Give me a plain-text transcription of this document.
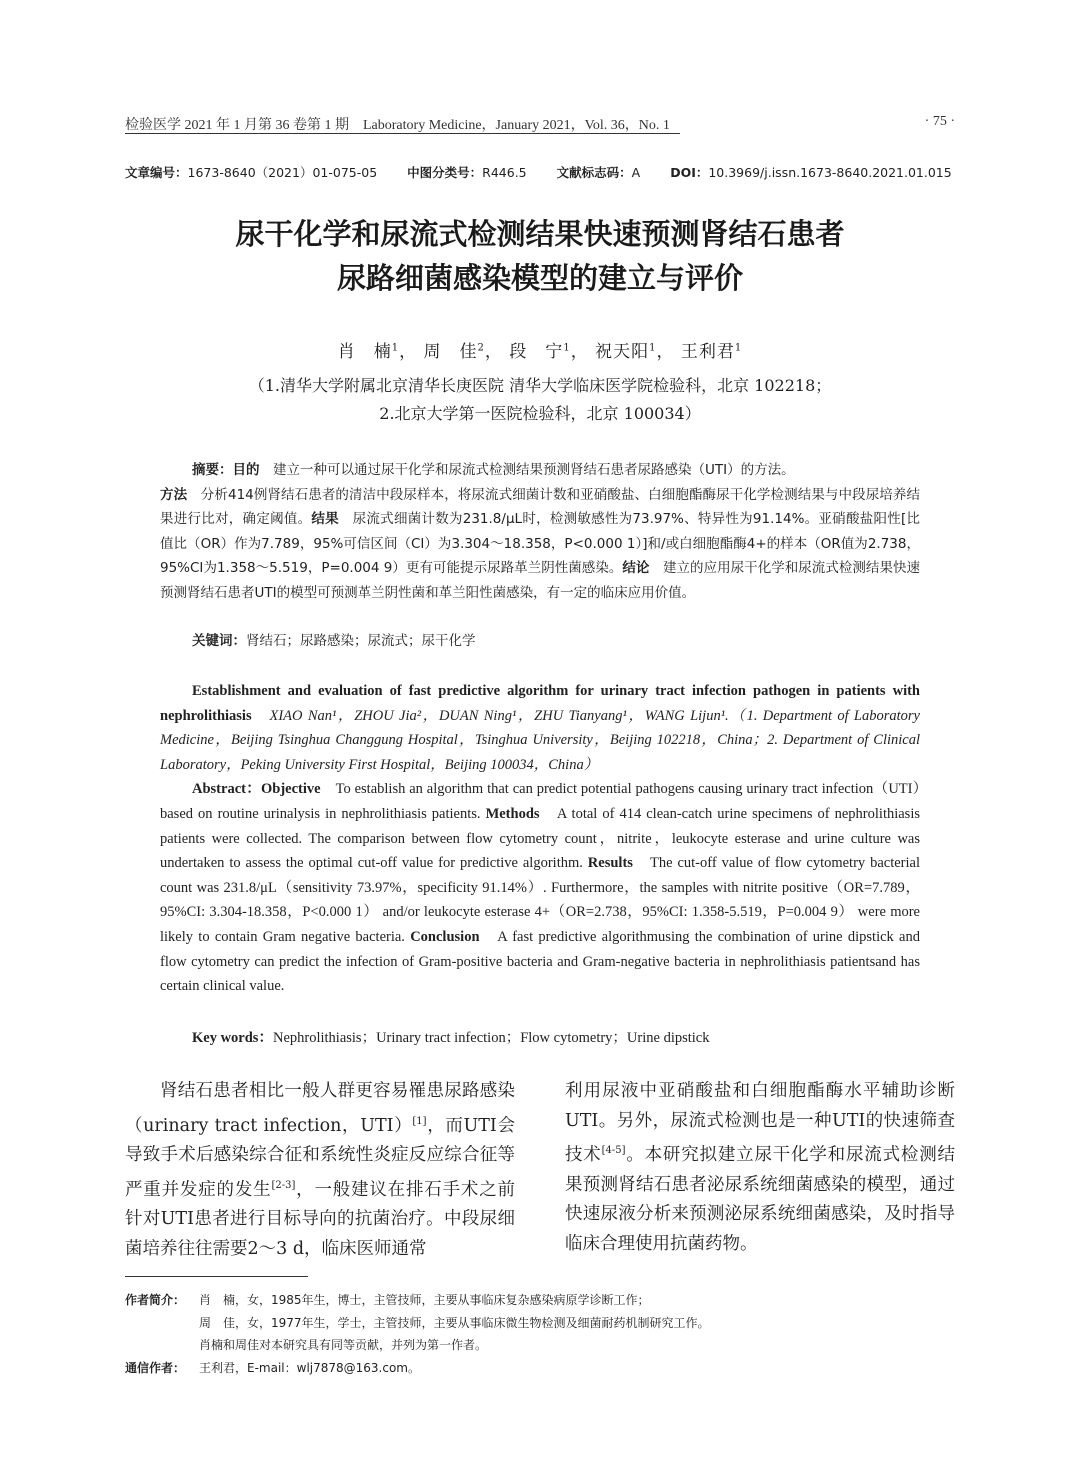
检验医学 2021 年 1 月第 36 卷第 1 期　Laboratory Medicine，January 2021，Vol. 36，No. 1	· 75 ·
文章编号：1673-8640（2021）01-075-05 中图分类号：R446.5 文献标志码：A DOI：10.3969/j.issn.1673-8640.2021.01.015
尿干化学和尿流式检测结果快速预测肾结石患者
尿路细菌感染模型的建立与评价
肖　楠$^1$， 周　佳$^2$， 段　宁$^1$， 祝天阳$^1$， 王利君$^1$
（1.清华大学附属北京清华长庚医院 清华大学临床医学院检验科，北京 102218；
2.北京大学第一医院检验科，北京 100034）

摘要：目的　建立一种可以通过尿干化学和尿流式检测结果预测肾结石患者尿路感染（UTI）的方法。

方法　分析414例肾结石患者的清洁中段尿样本，将尿流式细菌计数和亚硝酸盐、白细胞酯酶尿干化学检测结果与中段尿培养结果进行比对，确定阈值。结果　尿流式细菌计数为231.8/μL时，检测敏感性为73.97%、特异性为91.14%。亚硝酸盐阳性[比值比（OR）作为7.789，95%可信区间（CI）为3.304～18.358，P<0.000 1）]和/或白细胞酯酶4+的样本（OR值为2.738，95%CI为1.358～5.519，P=0.004 9）更有可能提示尿路革兰阴性菌感染。结论　建立的应用尿干化学和尿流式检测结果快速预测肾结石患者UTI的模型可预测革兰阴性菌和革兰阳性菌感染，有一定的临床应用价值。
关键词：肾结石；尿路感染；尿流式；尿干化学

Establishment and evaluation of fast predictive algorithm for urinary tract infection pathogen in patients with nephrolithiasis　XIAO Nan¹，ZHOU Jia²，DUAN Ning¹，ZHU Tianyang¹，WANG Lijun¹.（1. Department of Laboratory Medicine，Beijing Tsinghua Changgung Hospital，Tsinghua University，Beijing 102218，China；2. Department of Clinical Laboratory，Peking University First Hospital，Beijing 100034，China）

Abstract：Objective　To establish an algorithm that can predict potential pathogens causing urinary tract infection（UTI）based on routine urinalysis in nephrolithiasis patients. Methods　A total of 414 clean-catch urine specimens of nephrolithiasis patients were collected. The comparison between flow cytometry count，nitrite，leukocyte esterase and urine culture was undertaken to assess the optimal cut-off value for predictive algorithm. Results　The cut-off value of flow cytometry bacterial count was 231.8/μL（sensitivity 73.97%，specificity 91.14%）. Furthermore，the samples with nitrite positive（OR=7.789，95%CI: 3.304-18.358，P<0.000 1） and/or leukocyte esterase 4+（OR=2.738，95%CI: 1.358-5.519，P=0.004 9） were more likely to contain Gram negative bacteria. Conclusion　A fast predictive algorithmusing the combination of urine dipstick and flow cytometry can predict the infection of Gram-positive bacteria and Gram-negative bacteria in nephrolithiasis patientsand has certain clinical value.

Key words：Nephrolithiasis；Urinary tract infection；Flow cytometry；Urine dipstick
肾结石患者相比一般人群更容易罹患尿路感染（urinary tract infection，UTI）[1]，而UTI会导致手术后感染综合征和系统性炎症反应综合征等严重并发症的发生[2-3]，一般建议在排石手术之前针对UTI患者进行目标导向的抗菌治疗。中段尿细菌培养往往需要2～3 d，临床医师通常
利用尿液中亚硝酸盐和白细胞酯酶水平辅助诊断UTI。另外，尿流式检测也是一种UTI的快速筛查技术[4-5]。本研究拟建立尿干化学和尿流式检测结果预测肾结石患者泌尿系统细菌感染的模型，通过快速尿液分析来预测泌尿系统细菌感染，及时指导临床合理使用抗菌药物。
作者简介： 肖　楠，女，1985年生，博士，主管技师，主要从事临床复杂感染病原学诊断工作；
周　佳，女，1977年生，学士，主管技师，主要从事临床微生物检测及细菌耐药机制研究工作。
肖楠和周佳对本研究具有同等贡献，并列为第一作者。
通信作者： 王利君，E-mail：wlj7878@163.com。
